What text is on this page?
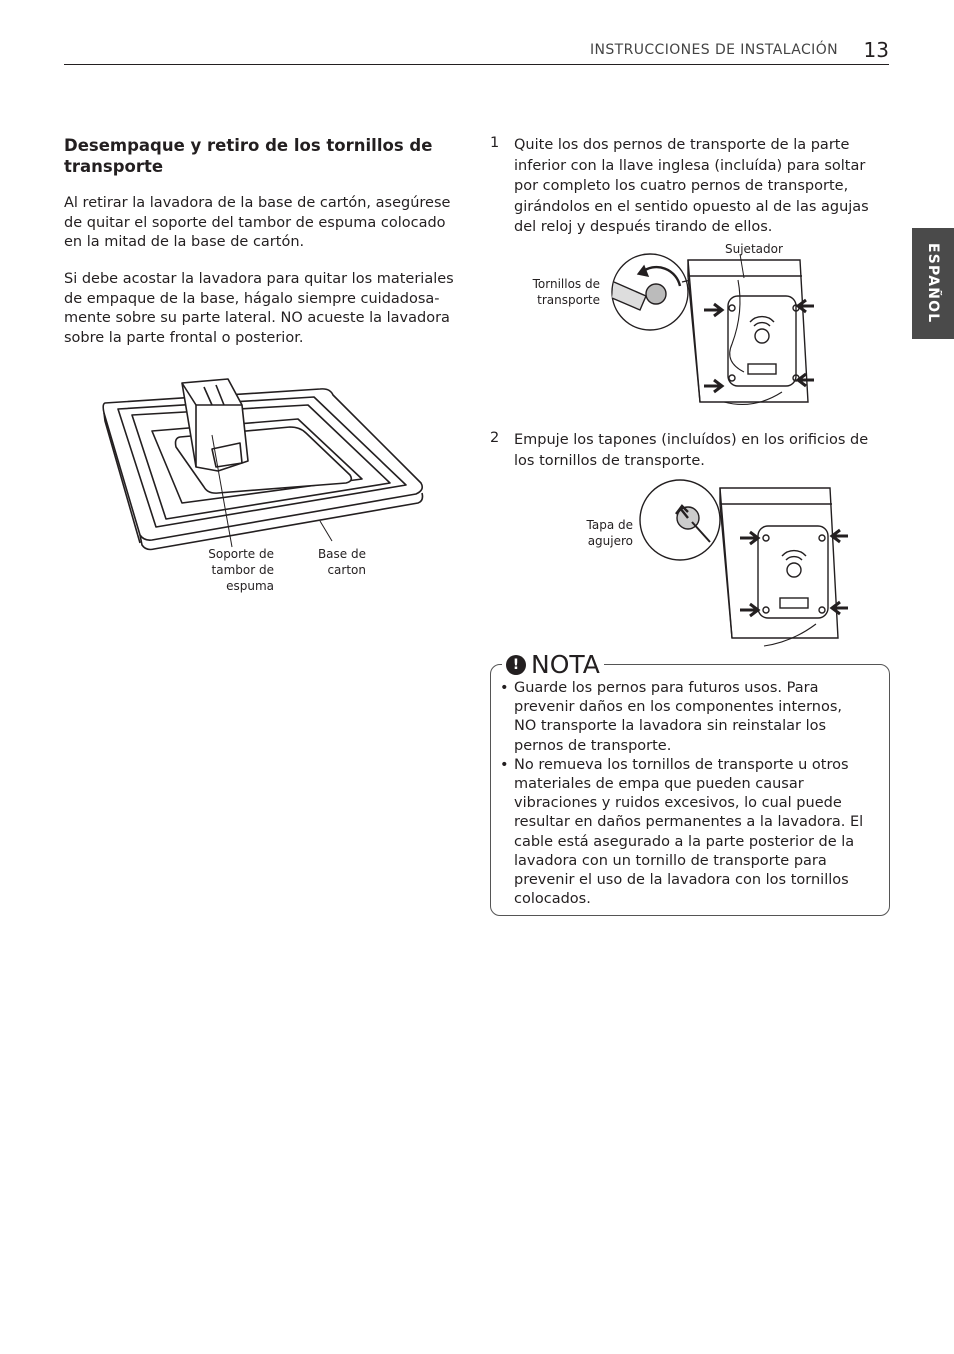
INSTRUCCIONES DE INSTALACIÓN 13
ESPAÑOL
Desempaque y retiro de los tornillos de transporte

Al retirar la lavadora de la base de cartón, asegúrese de quitar el soporte del tambor de espuma colocado en la mitad de la base de cartón.

Si debe acostar la lavadora para quitar los materiales de empaque de la base, hágalo siempre cuidadosa- mente sobre su parte lateral. NO acueste la lavadora sobre la parte frontal o posterior.

Soporte de tambor de espuma

Base de carton

1 Quite los dos pernos de transporte de la parte inferior con la llave inglesa (incluída) para soltar por completo los cuatro pernos de transporte, girándolos en el sentido opuesto al de las agujas del reloj y después tirando de ellos.

Sujetador

Tornillos de transporte

2 Empuje los tapones (incluídos) en los orificios de los tornillos de transporte.

Tapa de agujero

! NOTA
• Guarde los pernos para futuros usos. Para prevenir daños en los componentes internos, NO transporte la lavadora sin reinstalar los pernos de transporte.
• No remueva los tornillos de transporte u otros materiales de empa que pueden causar vibraciones y ruidos excesivos, lo cual puede resultar en daños permanentes a la lavadora. El cable está asegurado a la parte posterior de la lavadora con un tornillo de transporte para prevenir el uso de la lavadora con los tornillos colocados.
